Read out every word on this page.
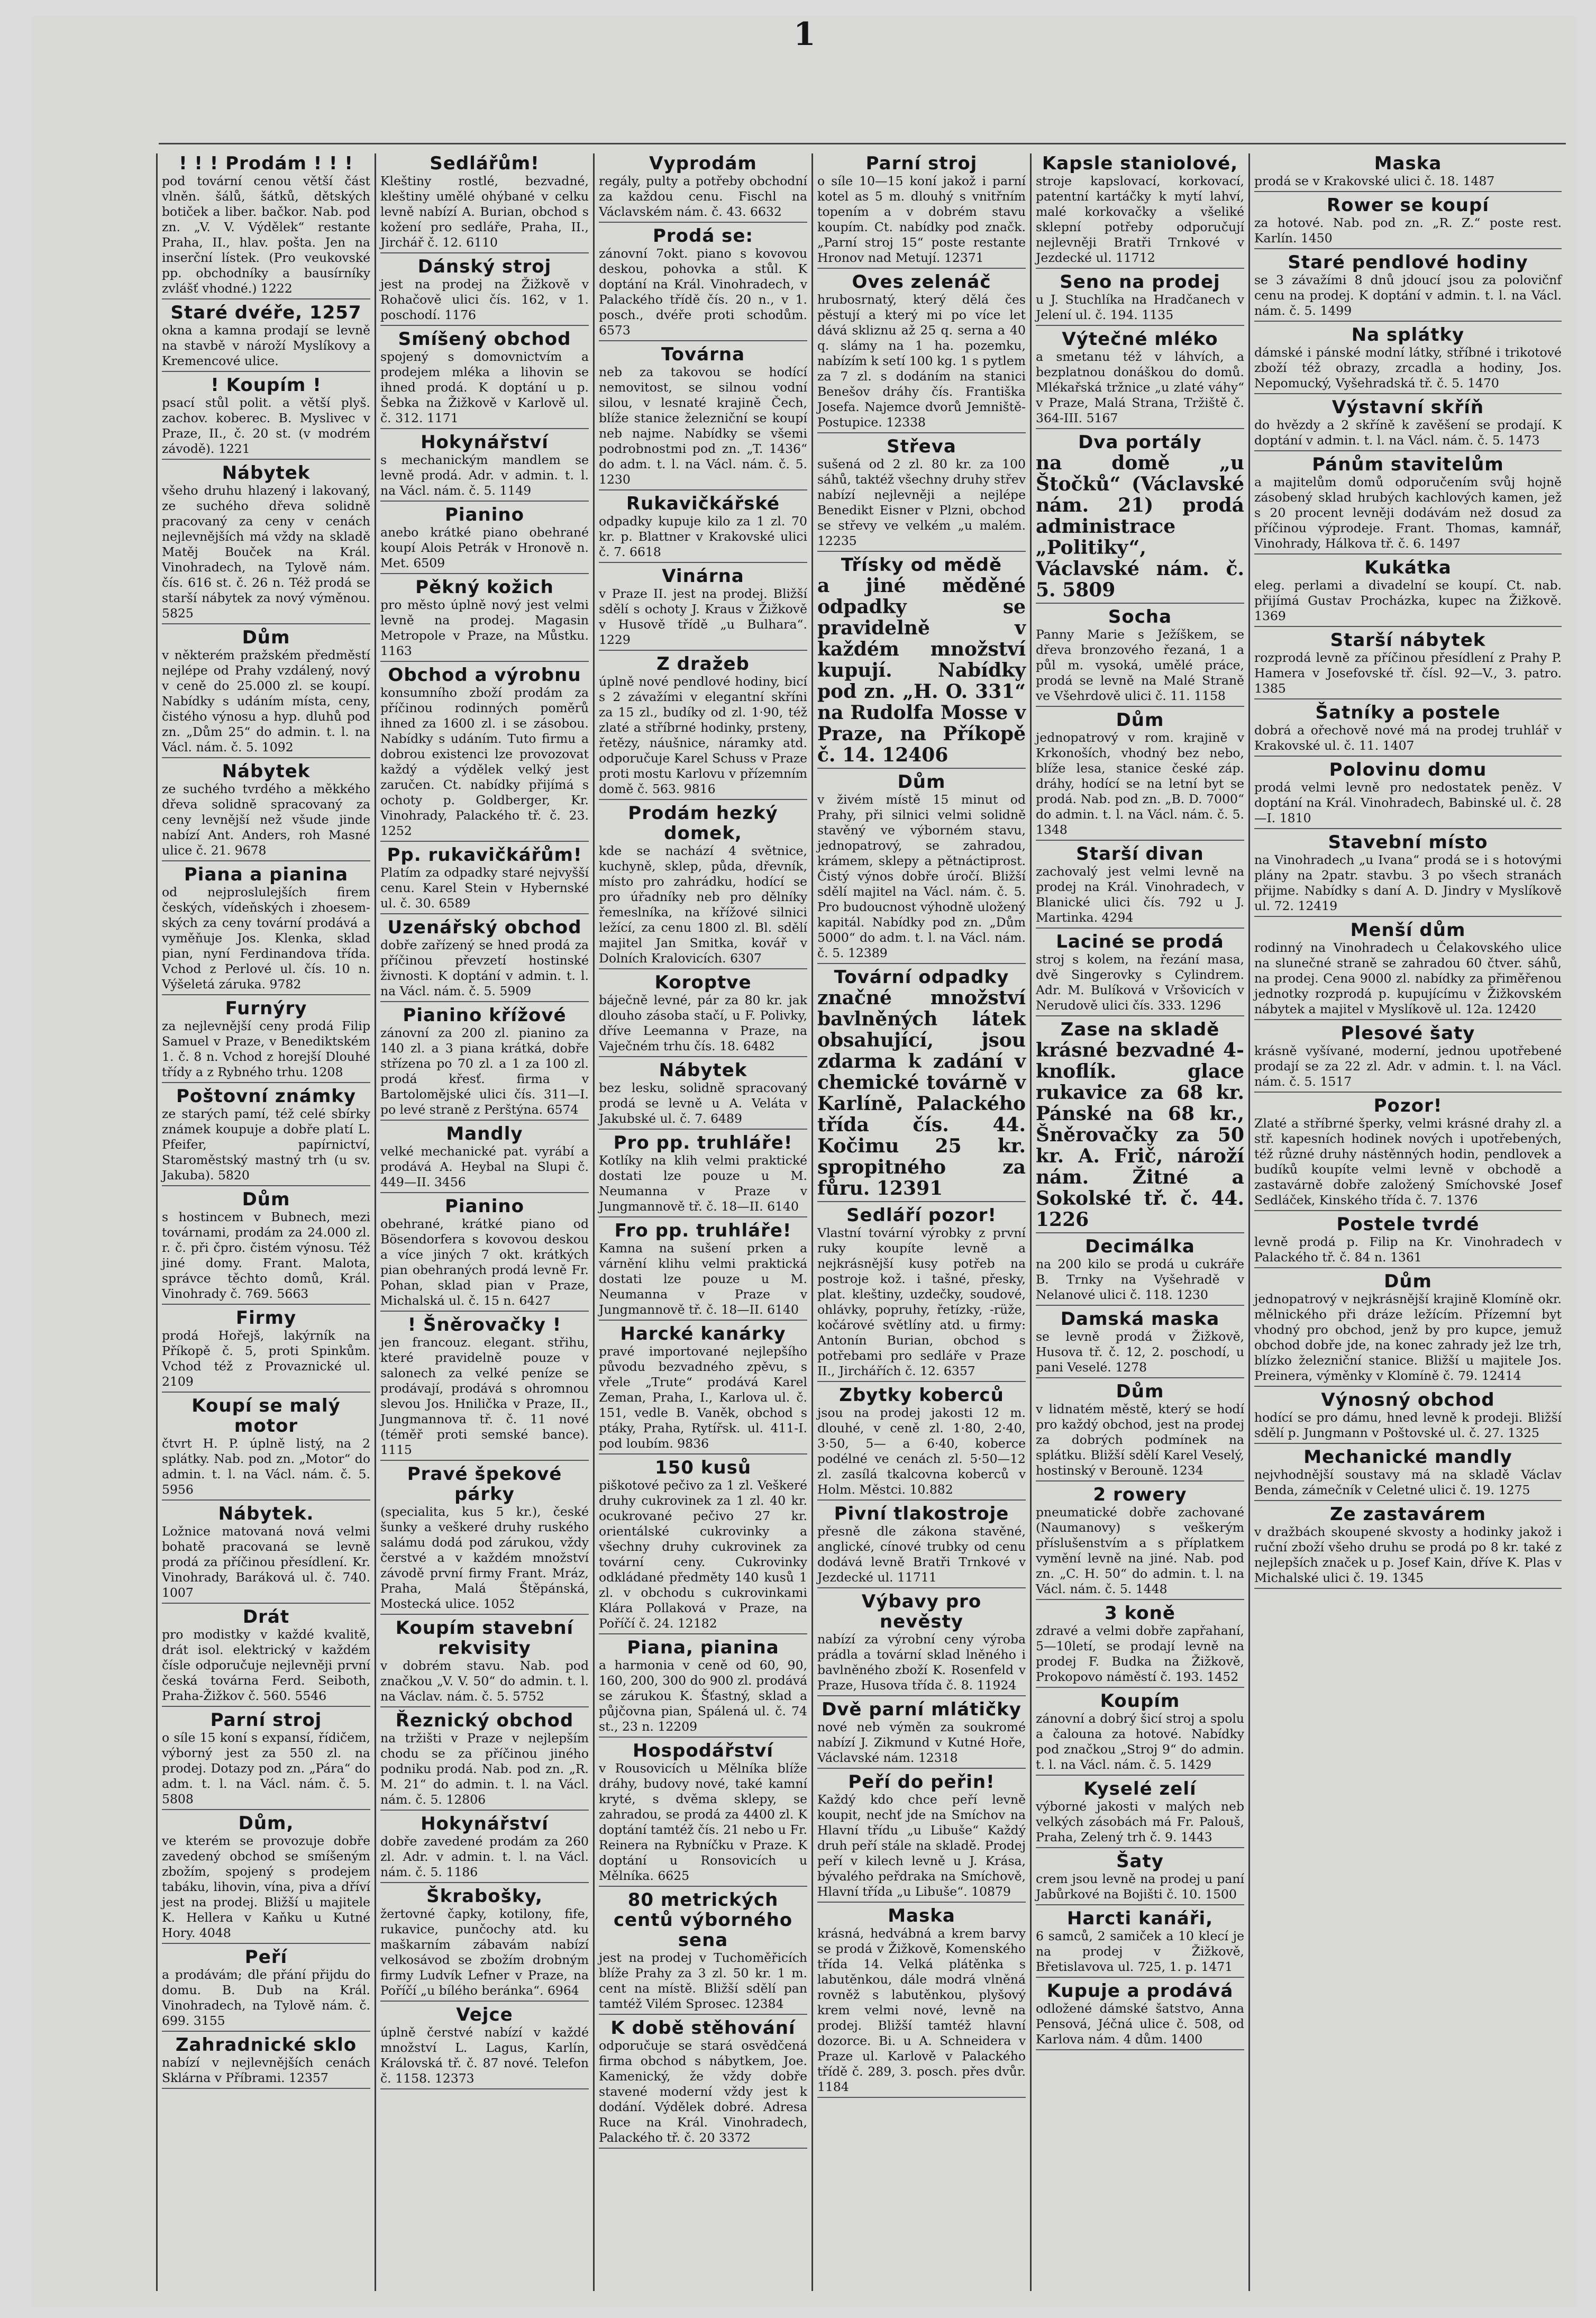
1
! ! ! Prodám ! ! !
pod tovární cenou větší část vlněn. šálů, šátků, dětských botiček a liber. bačkor. Nab. pod zn. „V. V. Výdělek“ restante Praha, II., hlav. pošta. Jen na inserční lístek. (Pro veukovské pp. obchodníky a bausírníky zvlášť vhodné.) 1222
Staré dvéře, 1257
okna a kamna prodají se levně na stavbě v nároží Myslíkovy a Kremencové ulice.
! Koupím !
psací stůl polit. a větší plyš. zachov. koberec. B. Myslivec v Praze, II., č. 20 st. (v modrém závodě). 1221
Nábytek
všeho druhu hlazený i lakovaný, ze suchého dřeva solidně pracovaný za ceny v cenách nejlevnějších má vždy na skladě Matěj Bouček na Král. Vinohradech, na Tylově nám. čís. 616 st. č. 26 n. Též prodá se starší nábytek za nový výměnou. 5825
Dům
v některém pražském předměstí nejlépe od Prahy vzdálený, nový v ceně do 25.000 zl. se koupí. Nabídky s udáním místa, ceny, čistého výnosu a hyp. dluhů pod zn. „Dům 25“ do admin. t. l. na Václ. nám. č. 5. 1092
Nábytek
ze suchého tvrdého a měkkého dřeva solidně spracovaný za ceny levnější než všude jinde nabízí Ant. Anders, roh Masné ulice č. 21. 9678
Piana a pianina
od nejproslulejších firem českých, vídeňských i zhoesemských za ceny tovární prodává a vyměňuje Jos. Klenka, sklad pian, nyní Ferdinandova třída. Vchod z Perlové ul. čís. 10 n. Výšeletá záruka. 9782
Furnýry
za nejlevnější ceny prodá Filip Samuel v Praze, v Benediktském 1. č. 8 n. Vchod z horejší Dlouhé třídy a z Rybného trhu. 1208
Poštovní známky
ze starých pamí, též celé sbírky známek koupuje a dobře platí L. Pfeifer, papírnictví, Staroměstský mastný trh (u sv. Jakuba). 5820
Dům
s hostincem v Bubnech, mezi továrnami, prodám za 24.000 zl. r. č. při čpro. čistém výnosu. Též jiné domy. Frant. Malota, správce těchto domů, Král. Vinohrady č. 769. 5663
Firmy
prodá Hořejš, lakýrník na Příkopě č. 5, proti Spinkům. Vchod též z Provaznické ul. 2109
Koupí se malý motor
čtvrt H. P. úplně listý, na 2 splátky. Nab. pod zn. „Motor“ do admin. t. l. na Václ. nám. č. 5. 5956
Nábytek.
Ložnice matovaná nová velmi bohatě pracovaná se levně prodá za příčinou přesídlení. Kr. Vinohrady, Baráková ul. č. 740. 1007
Drát
pro modistky v každé kvalitě, drát isol. elektrický v každém čísle odporučuje nejlevněji první česká továrna Ferd. Seiboth, Praha-Žižkov č. 560. 5546
Parní stroj
o síle 15 koní s expansí, řídičem, výborný jest za 550 zl. na prodej. Dotazy pod zn. „Pára“ do adm. t. l. na Václ. nám. č. 5. 5808
Dům,
ve kterém se provozuje dobře zavedený obchod se smíšeným zbožím, spojený s prodejem tabáku, lihovin, vína, piva a dříví jest na prodej. Bližší u majitele K. Hellera v Kaňku u Kutné Hory. 4048
Peří
a prodávám; dle přání přijdu do domu. B. Dub na Král. Vinohradech, na Tylově nám. č. 699. 3155
Zahradnické sklo
nabízí v nejlevnějších cenách Sklárna v Příbrami. 12357
Sedlářům!
Kleštiny rostlé, bezvadné, kleštiny umělé ohýbané v celku levně nabízí A. Burian, obchod s kožení pro sedláře, Praha, II., Jirchář č. 12. 6110
Dánský stroj
jest na prodej na Žižkově v Rohačově ulici čís. 162, v 1. poschodí. 1176
Smíšený obchod
spojený s domovnictvím a prodejem mléka a lihovin se ihned prodá. K doptání u p. Šebka na Žižkově v Karlově ul. č. 312. 1171
Hokynářství
s mechanickým mandlem se levně prodá. Adr. v admin. t. l. na Václ. nám. č. 5. 1149
Pianino
anebo krátké piano obehrané koupí Alois Petrák v Hronově n. Met. 6509
Pěkný kožich
pro město úplně nový jest velmi levně na prodej. Magasin Metropole v Praze, na Můstku. 1163
Obchod a výrobnu
konsumního zboží prodám za příčinou rodinných poměrů ihned za 1600 zl. i se zásobou. Nabídky s udáním. Tuto firmu a dobrou existenci lze provozovat každý a výdělek velký jest zaručen. Ct. nabídky přijímá s ochoty p. Goldberger, Kr. Vinohrady, Palackého tř. č. 23. 1252
Pp. rukavičkářům!
Platím za odpadky staré nejvyšší cenu. Karel Stein v Hybernské ul. č. 30. 6589
Uzenářský obchod
dobře zařízený se hned prodá za příčinou převzetí hostinské živnosti. K doptání v admin. t. l. na Václ. nám. č. 5. 5909
Pianino křížové
zánovní za 200 zl. pianino za 140 zl. a 3 piana krátká, dobře střízena po 70 zl. a 1 za 100 zl. prodá křesť. firma v Bartolomějské ulici čís. 311—I. po levé straně z Perštýna. 6574
Mandly
velké mechanické pat. vyrábí a prodává A. Heybal na Slupi č. 449—II. 3456
Pianino
obehrané, krátké piano od Bösendorfera s kovovou deskou a více jiných 7 okt. krátkých pian obehraných prodá levně Fr. Pohan, sklad pian v Praze, Michalská ul. č. 15 n. 6427
! Šněrovačky !
jen francouz. elegant. střihu, které pravidelně pouze v salonech za velké peníze se prodávají, prodává s ohromnou slevou Jos. Hnilička v Praze, II., Jungmannova tř. č. 11 nové (téměř proti semské bance). 1115
Pravé špekové párky
(specialita, kus 5 kr.), české šunky a veškeré druhy ruského salámu dodá pod zárukou, vždy čerstvé a v každém množství závodě první firmy Frant. Mráz, Praha, Malá Štěpánská, Mostecká ulice. 1052
Koupím stavební rekvisity
v dobrém stavu. Nab. pod značkou „V. V. 50“ do admin. t. l. na Václav. nám. č. 5. 5752
Řeznický obchod
na tržišti v Praze v nejlepším chodu se za příčinou jiného podniku prodá. Nab. pod zn. „R. M. 21“ do admin. t. l. na Václ. nám. č. 5. 12806
Hokynářství
dobře zavedené prodám za 260 zl. Adr. v admin. t. l. na Václ. nám. č. 5. 1186
Škrabošky,
žertovné čapky, kotilony, fife, rukavice, punčochy atd. ku maškarním zábavám nabízí velkosávod se zbožím drobným firmy Ludvík Lefner v Praze, na Poříčí „u bílého beránka“. 6964
Vejce
úplně čerstvé nabízí v každé množství L. Lagus, Karlín, Královská tř. č. 87 nové. Telefon č. 1158. 12373
Vyprodám
regály, pulty a potřeby obchodní za každou cenu. Fischl na Václavském nám. č. 43. 6632
Prodá se:
zánovní 7okt. piano s kovovou deskou, pohovka a stůl. K doptání na Král. Vinohradech, v Palackého třídě čís. 20 n., v 1. posch., dvéře proti schodům. 6573
Továrna
neb za takovou se hodící nemovitost, se silnou vodní silou, v lesnaté krajině Čech, blíže stanice železniční se koupí neb najme. Nabídky se všemi podrobnostmi pod zn. „T. 1436“ do adm. t. l. na Václ. nám. č. 5. 1230
Rukavičkářské
odpadky kupuje kilo za 1 zl. 70 kr. p. Blattner v Krakovské ulici č. 7. 6618
Vinárna
v Praze II. jest na prodej. Bližší sdělí s ochoty J. Kraus v Žižkově v Husově třídě „u Bulhara“. 1229
Z dražeb
úplně nové pendlové hodiny, bicí s 2 závažími v elegantní skříni za 15 zl., budíky od zl. 1·90, též zlaté a stříbrné hodinky, prsteny, řetězy, náušnice, náramky atd. odporučuje Karel Schuss v Praze proti mostu Karlovu v přízemním domě č. 563. 9816
Prodám hezký domek,
kde se nachází 4 světnice, kuchyně, sklep, půda, dřevník, místo pro zahrádku, hodící se pro úřadníky neb pro dělníky řemeslníka, na křížové silnici ležící, za cenu 1800 zl. Bl. sdělí majitel Jan Smitka, kovář v Dolních Kralovicích. 6307
Koroptve
báječně levné, pár za 80 kr. jak dlouho zásoba stačí, u F. Polivky, dříve Leemanna v Praze, na Vaječném trhu čís. 18. 6482
Nábytek
bez lesku, solidně spracovaný prodá se levně u A. Veláta v Jakubské ul. č. 7. 6489
Pro pp. truhláře!
Kotlíky na klih velmi praktické dostati lze pouze u M. Neumanna v Praze v Jungmannově tř. č. 18—II. 6140
Fro pp. truhláře!
Kamna na sušení prken a várnění klihu velmi praktická dostati lze pouze u M. Neumanna v Praze v Jungmannově tř. č. 18—II. 6140
Harcké kanárky
pravé importované nejlepšího původu bezvadného zpěvu, s vřele „Trute“ prodává Karel Zeman, Praha, I., Karlova ul. č. 151, vedle B. Vaněk, obchod s ptáky, Praha, Rytířsk. ul. 411-I. pod loubím. 9836
150 kusů
piškotové pečivo za 1 zl. Veškeré druhy cukrovinek za 1 zl. 40 kr. ocukrované pečivo 27 kr. orientálské cukrovinky a všechny druhy cukrovinek za tovární ceny. Cukrovinky odkládané předměty 140 kusů 1 zl. v obchodu s cukrovinkami Klára Pollaková v Praze, na Poříčí č. 24. 12182
Piana, pianina
a harmonia v ceně od 60, 90, 160, 200, 300 do 900 zl. prodává se zárukou K. Šťastný, sklad a půjčovna pian, Spálená ul. č. 74 st., 23 n. 12209
Hospodářství
v Rousovicích u Mělníka blíže dráhy, budovy nové, také kamní kryté, s dvěma sklepy, se zahradou, se prodá za 4400 zl. K doptání tamtéž čís. 21 nebo u Fr. Reinera na Rybníčku v Praze. K doptání u Ronsovicích u Mělníka. 6625
80 metrických centů výborného sena
jest na prodej v Tuchoměřicích blíže Prahy za 3 zl. 50 kr. 1 m. cent na místě. Bližší sdělí pan tamtéž Vilém Sprosec. 12384
K době stěhování
odporučuje se stará osvědčená firma obchod s nábytkem, Joe. Kamenický, že vždy dobře stavené moderní vždy jest k dodání. Výdělek dobré. Adresa Ruce na Král. Vinohradech, Palackého tř. č. 20 3372
Parní stroj
o síle 10—15 koní jakož i parní kotel as 5 m. dlouhý s vnitřním topením a v dobrém stavu koupím. Ct. nabídky pod značk. „Parní stroj 15“ poste restante Hronov nad Metují. 12371
Oves zelenáč
hrubosrnatý, který dělá čes pěstují a který mi po více let dává skliznu až 25 q. serna a 40 q. slámy na 1 ha. pozemku, nabízím k setí 100 kg. 1 s pytlem za 7 zl. s dodáním na stanici Benešov dráhy čís. Františka Josefa. Najemce dvorů Jemniště-Postupice. 12338
Střeva
sušená od 2 zl. 80 kr. za 100 sáhů, taktéž všechny druhy střev nabízí nejlevněji a nejlépe Benedikt Eisner v Plzni, obchod se střevy ve velkém „u malém. 12235
Třísky od mědě
a jiné měděné odpadky se pravidelně v každém množství kupují. Nabídky pod zn. „H. O. 331“ na Rudolfa Mosse v Praze, na Příkopě č. 14. 12406
Dům
v živém místě 15 minut od Prahy, při silnici velmi solidně stavěný ve výborném stavu, jednopatrový, se zahradou, krámem, sklepy a pětnáctiprost. Čistý výnos dobře úročí. Bližší sdělí majitel na Václ. nám. č. 5. Pro budoucnost výhodně uložený kapitál. Nabídky pod zn. „Dům 5000“ do adm. t. l. na Václ. nám. č. 5. 12389
Tovární odpadky
značné množství bavlněných látek obsahující, jsou zdarma k zadání v chemické továrně v Karlíně, Palackého třída čís. 44. Kočimu 25 kr. spropitného za fůru. 12391
Sedláří pozor!
Vlastní tovární výrobky z první ruky koupíte levně a nejkrásnější kusy potřeb na postroje kož. i tašné, přesky, plat. kleštiny, uzdečky, soudové, ohlávky, popruhy, řetízky, -rüže, kočárové světlíny atd. u firmy: Antonín Burian, obchod s potřebami pro sedláře v Praze II., Jirchářích č. 12. 6357
Zbytky koberců
jsou na prodej jakosti 12 m. dlouhé, v ceně zl. 1·80, 2·40, 3·50, 5— a 6·40, koberce podélné ve cenách zl. 5·50—12 zl. zasílá tkalcovna koberců v Holm. Městci. 10.882
Pivní tlakostroje
přesně dle zákona stavěné, anglické, cínové trubky od cenu dodává levně Bratři Trnkové v Jezdecké ul. 11711
Výbavy pro nevěsty
nabízí za výrobní ceny výroba prádla a tovární sklad lněného i bavlněného zboží K. Rosenfeld v Praze, Husova třída č. 8. 11924
Dvě parní mlátičky
nové neb výměn za soukromé nabízí J. Zikmund v Kutné Hoře, Václavské nám. 12318
Peří do peřin!
Každý kdo chce peří levně koupit, nechť jde na Smíchov na Hlavní třídu „u Libuše“ Každý druh peří stále na skladě. Prodej peří v kilech levně u J. Krása, bývalého peřdraka na Smíchově, Hlavní třída „u Libuše“. 10879
Maska
krásná, hedvábná a krem barvy se prodá v Žižkově, Komenského třída 14. Velká plátěnka s labutěnkou, dále modrá vlněná rovněž s labutěnkou, plyšový krem velmi nové, levně na prodej. Bližší tamtéž hlavní dozorce. Bi. u A. Schneidera v Praze ul. Karlově v Palackého třídě č. 289, 3. posch. přes dvůr. 1184
Kapsle staniolové,
stroje kapslovací, korkovací, patentní kartáčky k mytí lahví, malé korkovačky a všeliké sklepní potřeby odporučují nejlevněji Bratři Trnkové v Jezdecké ul. 11712
Seno na prodej
u J. Stuchlíka na Hradčanech v Jelení ul. č. 194. 1135
Výtečné mléko
a smetanu též v láhvích, a bezplatnou donáškou do domů. Mlékařská tržnice „u zlaté váhy“ v Praze, Malá Strana, Tržiště č. 364-III. 5167
Dva portály
na domě „u Štočků“ (Václavské nám. 21) prodá administrace „Politiky“, Václavské nám. č. 5. 5809
Socha
Panny Marie s Ježíškem, se dřeva bronzového řezaná, 1 a půl m. vysoká, umělé práce, prodá se levně na Malé Straně ve Všehrdově ulici č. 11. 1158
Dům
jednopatrový v rom. krajině v Krkonoších, vhodný bez nebo, blíže lesa, stanice české záp. dráhy, hodící se na letní byt se prodá. Nab. pod zn. „B. D. 7000“ do admin. t. l. na Václ. nám. č. 5. 1348
Starší divan
zachovalý jest velmi levně na prodej na Král. Vinohradech, v Blanické ulici čís. 792 u J. Martinka. 4294
Laciné se prodá
stroj s kolem, na řezání masa, dvě Singerovky s Cylindrem. Adr. M. Bulíková v Vršovicích v Nerudově ulici čís. 333. 1296
Zase na skladě
krásné bezvadné 4-knoflík. glace rukavice za 68 kr. Pánské na 68 kr., Šněrovačky za 50 kr. A. Frič, nároží nám. Žitné a Sokolské tř. č. 44. 1226
Decimálka
na 200 kilo se prodá u cukráře B. Trnky na Vyšehradě v Nelanové ulici č. 118. 1230
Damská maska
se levně prodá v Žižkově, Husova tř. č. 12, 2. poschodí, u pani Veselé. 1278
Dům
v lidnatém městě, který se hodí pro každý obchod, jest na prodej za dobrých podmínek na splátku. Bližší sdělí Karel Veselý, hostinský v Berouně. 1234
2 rowery
pneumatické dobře zachované (Naumanovy) s veškerým příslušenstvím a s příplatkem vymění levně na jiné. Nab. pod zn. „C. H. 50“ do admin. t. l. na Václ. nám. č. 5. 1448
3 koně
zdravé a velmi dobře zapřahaní, 5—10letí, se prodají levně na prodej F. Budka na Žižkově, Prokopovo náměstí č. 193. 1452
Koupím
zánovní a dobrý šicí stroj a spolu a čalouna za hotové. Nabídky pod značkou „Stroj 9“ do admin. t. l. na Václ. nám. č. 5. 1429
Kyselé zelí
výborné jakosti v malých neb velkých zásobách má Fr. Palouš, Praha, Zelený trh č. 9. 1443
Šaty
crem jsou levně na prodej u paní Jabůrkové na Bojišti č. 10. 1500
Harcti kanáři,
6 samců, 2 samiček a 10 klecí je na prodej v Žižkově, Břetislavova ul. 725, 1. p. 1471
Kupuje a prodává
odložené dámské šatstvo, Anna Pensová, Jéčná ulice č. 508, od Karlova nám. 4 dům. 1400
Maska
prodá se v Krakovské ulici č. 18. 1487
Rower se koupí
za hotové. Nab. pod zn. „R. Z.“ poste rest. Karlín. 1450
Staré pendlové hodiny
se 3 závažími 8 dnů jdoucí jsou za polovičnf cenu na prodej. K doptání v admin. t. l. na Václ. nám. č. 5. 1499
Na splátky
dámské i pánské modní látky, stříbné i trikotové zboží též obrazy, zrcadla a hodiny, Jos. Nepomucký, Vyšehradská tř. č. 5. 1470
Výstavní skříň
do hvězdy a 2 skříně k zavěšení se prodají. K doptání v admin. t. l. na Václ. nám. č. 5. 1473
Pánům stavitelům
a majitelům domů odporučením svůj hojně zásobený sklad hrubých kachlových kamen, jež s 20 procent levněji dodávám než dosud za příčinou výprodeje. Frant. Thomas, kamnář, Vinohrady, Hálkova tř. č. 6. 1497
Kukátka
eleg. perlami a divadelní se koupí. Ct. nab. přijímá Gustav Procházka, kupec na Žižkově. 1369
Starší nábytek
rozprodá levně za příčinou přesídlení z Prahy P. Hamera v Josefovské tř. čísl. 92—V., 3. patro. 1385
Šatníky a postele
dobrá a ořechově nové má na prodej truhlář v Krakovské ul. č. 11. 1407
Polovinu domu
prodá velmi levně pro nedostatek peněz. V doptání na Král. Vinohradech, Babinské ul. č. 28—I. 1810
Stavební místo
na Vinohradech „u Ivana“ prodá se i s hotovými plány na 2patr. stavbu. 3 po všech stranách přijme. Nabídky s daní A. D. Jindry v Myslíkově ul. 72. 12419
Menší dům
rodinný na Vinohradech u Čelakovského ulice na slunečné straně se zahradou 60 čtver. sáhů, na prodej. Cena 9000 zl. nabídky za přiměřenou jednotky rozprodá p. kupujícímu v Žižkovském nábytek a majitel v Myslíkově ul. 12a. 12420
Plesové šaty
krásně vyšívané, moderní, jednou upotřebené prodají se za 22 zl. Adr. v admin. t. l. na Václ. nám. č. 5. 1517
Pozor!
Zlaté a stříbrné šperky, velmi krásné drahy zl. a stř. kapesních hodinek nových i upotřebených, též různé druhy nástěnných hodin, pendlovek a budíků koupíte velmi levně v obchodě a zastavárně dobře založený Smíchovské Josef Sedláček, Kinského třída č. 7. 1376
Postele tvrdé
levně prodá p. Filip na Kr. Vinohradech v Palackého tř. č. 84 n. 1361
Dům
jednopatrový v nejkrásnější krajině Klomíně okr. mělnického při dráze ležícím. Přízemní byt vhodný pro obchod, jenž by pro kupce, jemuž obchod dobře jde, na konec zahrady jež lze trh, blízko železniční stanice. Bližší u majitele Jos. Preinera, výměnky v Klomíně č. 79. 12414
Výnosný obchod
hodící se pro dámu, hned levně k prodeji. Bližší sdělí p. Jungmann v Poštovské ul. č. 27. 1325
Mechanické mandly
nejvhodnější soustavy má na skladě Václav Benda, zámečník v Celetné ulici č. 19. 1275
Ze zastavárem
v dražbách skoupené skvosty a hodinky jakož i ruční zboží všeho druhu se prodá po 8 kr. také z nejlepších značek u p. Josef Kain, dříve K. Plas v Michalské ulici č. 19. 1345
